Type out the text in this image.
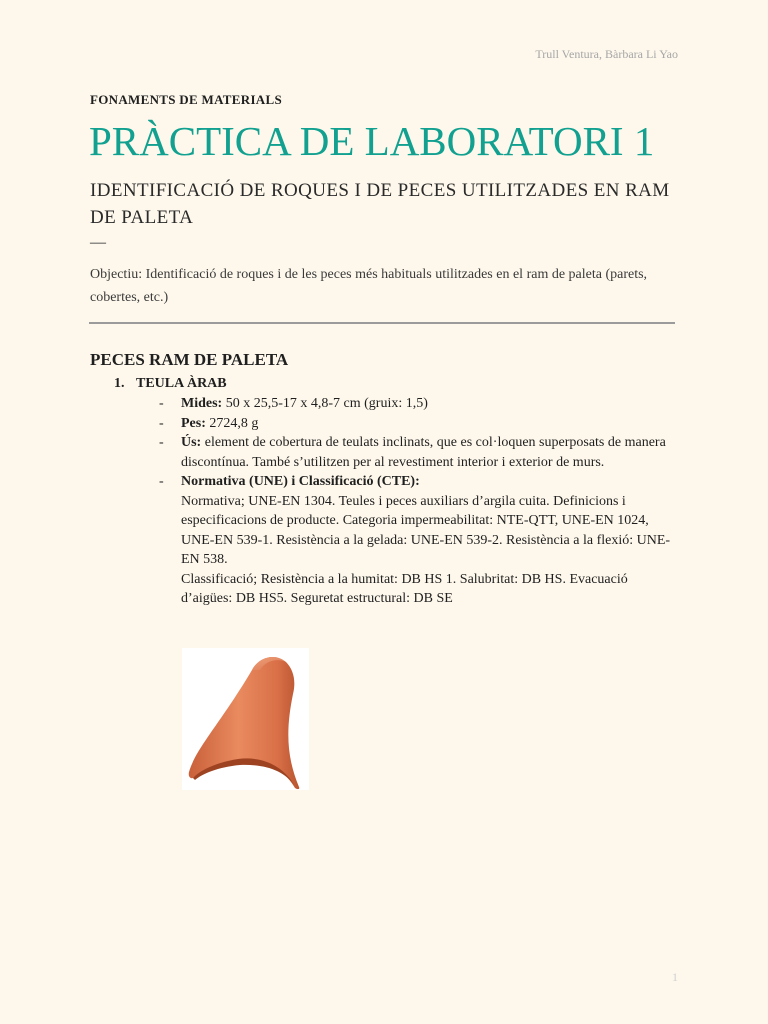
Trull Ventura, Bàrbara Li Yao
FONAMENTS DE MATERIALS
PRÀCTICA DE LABORATORI 1
IDENTIFICACIÓ DE ROQUES I DE PECES UTILITZADES EN RAM DE PALETA
—
Objectiu: Identificació de roques i de les peces més habituals utilitzades en el ram de paleta (parets, cobertes, etc.)
PECES RAM DE PALETA
1. TEULA ÀRAB
- Mides: 50 x 25,5-17 x 4,8-7 cm (gruix: 1,5)
- Pes: 2724,8 g
- Ús: element de cobertura de teulats inclinats, que es col·loquen superposats de manera discontínua. També s’utilitzen per al revestiment interior i exterior de murs.
- Normativa (UNE) i Classificació (CTE):
Normativa; UNE-EN 1304. Teules i peces auxiliars d’argila cuita. Definicions i especificacions de producte. Categoria impermeabilitat: NTE-QTT, UNE-EN 1024, UNE-EN 539-1. Resistència a la gelada: UNE-EN 539-2. Resistència a la flexió: UNE-EN 538.
Classificació; Resistència a la humitat: DB HS 1. Salubritat: DB HS. Evacuació d’aigües: DB HS5. Seguretat estructural: DB SE
1
